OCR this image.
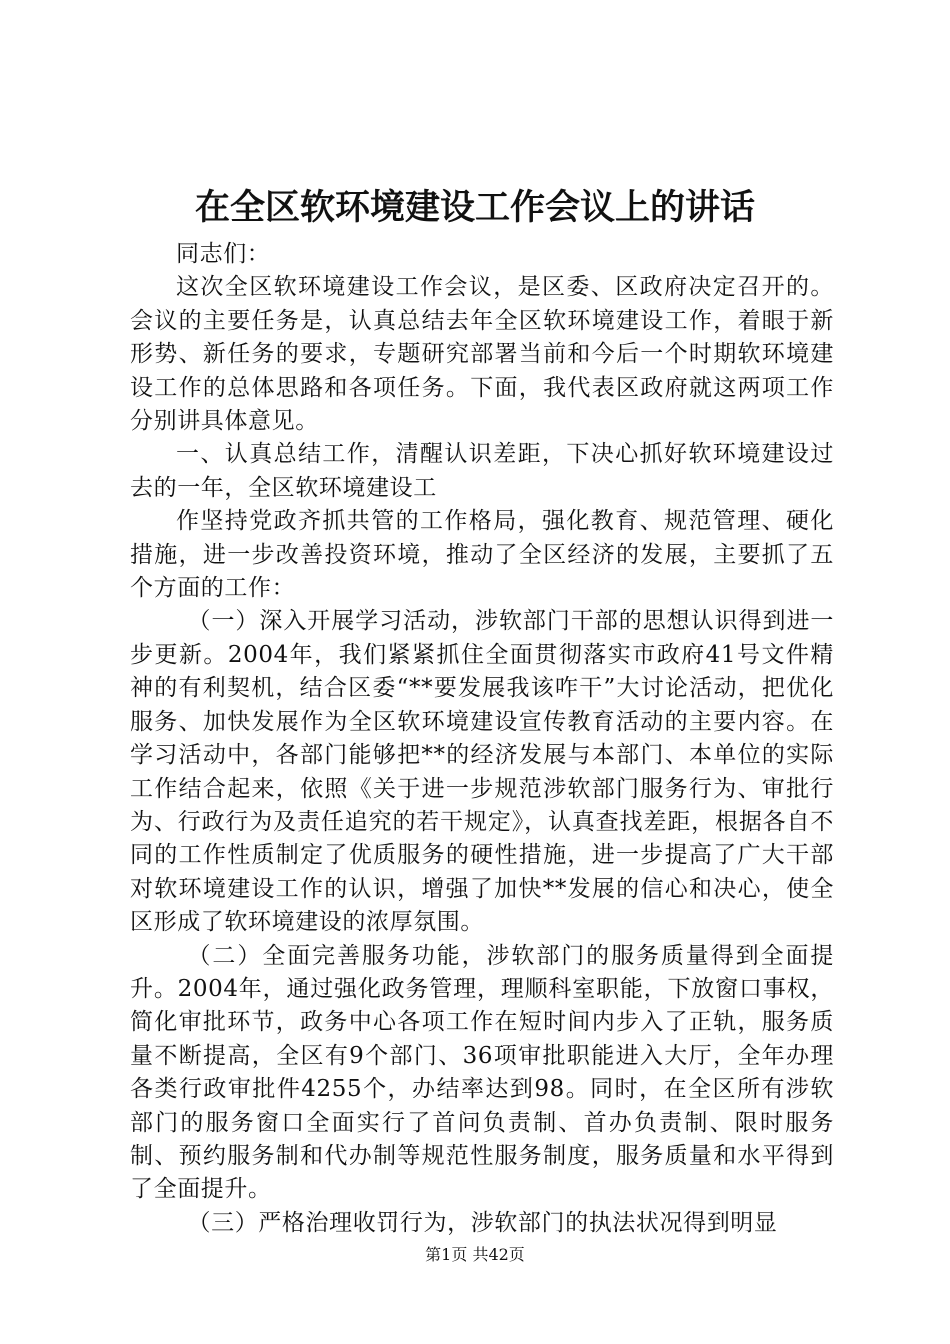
在全区软环境建设工作会议上的讲话

同志们：

这次全区软环境建设工作会议，是区委、区政府决定召开的。会议的主要任务是，认真总结去年全区软环境建设工作，着眼于新形势、新任务的要求，专题研究部署当前和今后一个时期软环境建设工作的总体思路和各项任务。下面，我代表区政府就这两项工作分别讲具体意见。

一、认真总结工作，清醒认识差距，下决心抓好软环境建设过去的一年，全区软环境建设工

作坚持党政齐抓共管的工作格局，强化教育、规范管理、硬化措施，进一步改善投资环境，推动了全区经济的发展，主要抓了五个方面的工作：

（一）深入开展学习活动，涉软部门干部的思想认识得到进一步更新。2004年，我们紧紧抓住全面贯彻落实市政府41号文件精神的有利契机，结合区委“**要发展我该咋干”大讨论活动，把优化服务、加快发展作为全区软环境建设宣传教育活动的主要内容。在学习活动中，各部门能够把**的经济发展与本部门、本单位的实际工作结合起来，依照《关于进一步规范涉软部门服务行为、审批行为、行政行为及责任追究的若干规定》，认真查找差距，根据各自不同的工作性质制定了优质服务的硬性措施，进一步提高了广大干部对软环境建设工作的认识，增强了加快**发展的信心和决心，使全区形成了软环境建设的浓厚氛围。

（二）全面完善服务功能，涉软部门的服务质量得到全面提升。2004年，通过强化政务管理，理顺科室职能，下放窗口事权，简化审批环节，政务中心各项工作在短时间内步入了正轨，服务质量不断提高，全区有9个部门、36项审批职能进入大厅，全年办理各类行政审批件4255个，办结率达到98。同时，在全区所有涉软部门的服务窗口全面实行了首问负责制、首办负责制、限时服务制、预约服务制和代办制等规范性服务制度，服务质量和水平得到了全面提升。

（三）严格治理收罚行为，涉软部门的执法状况得到明显

第1页 共42页
